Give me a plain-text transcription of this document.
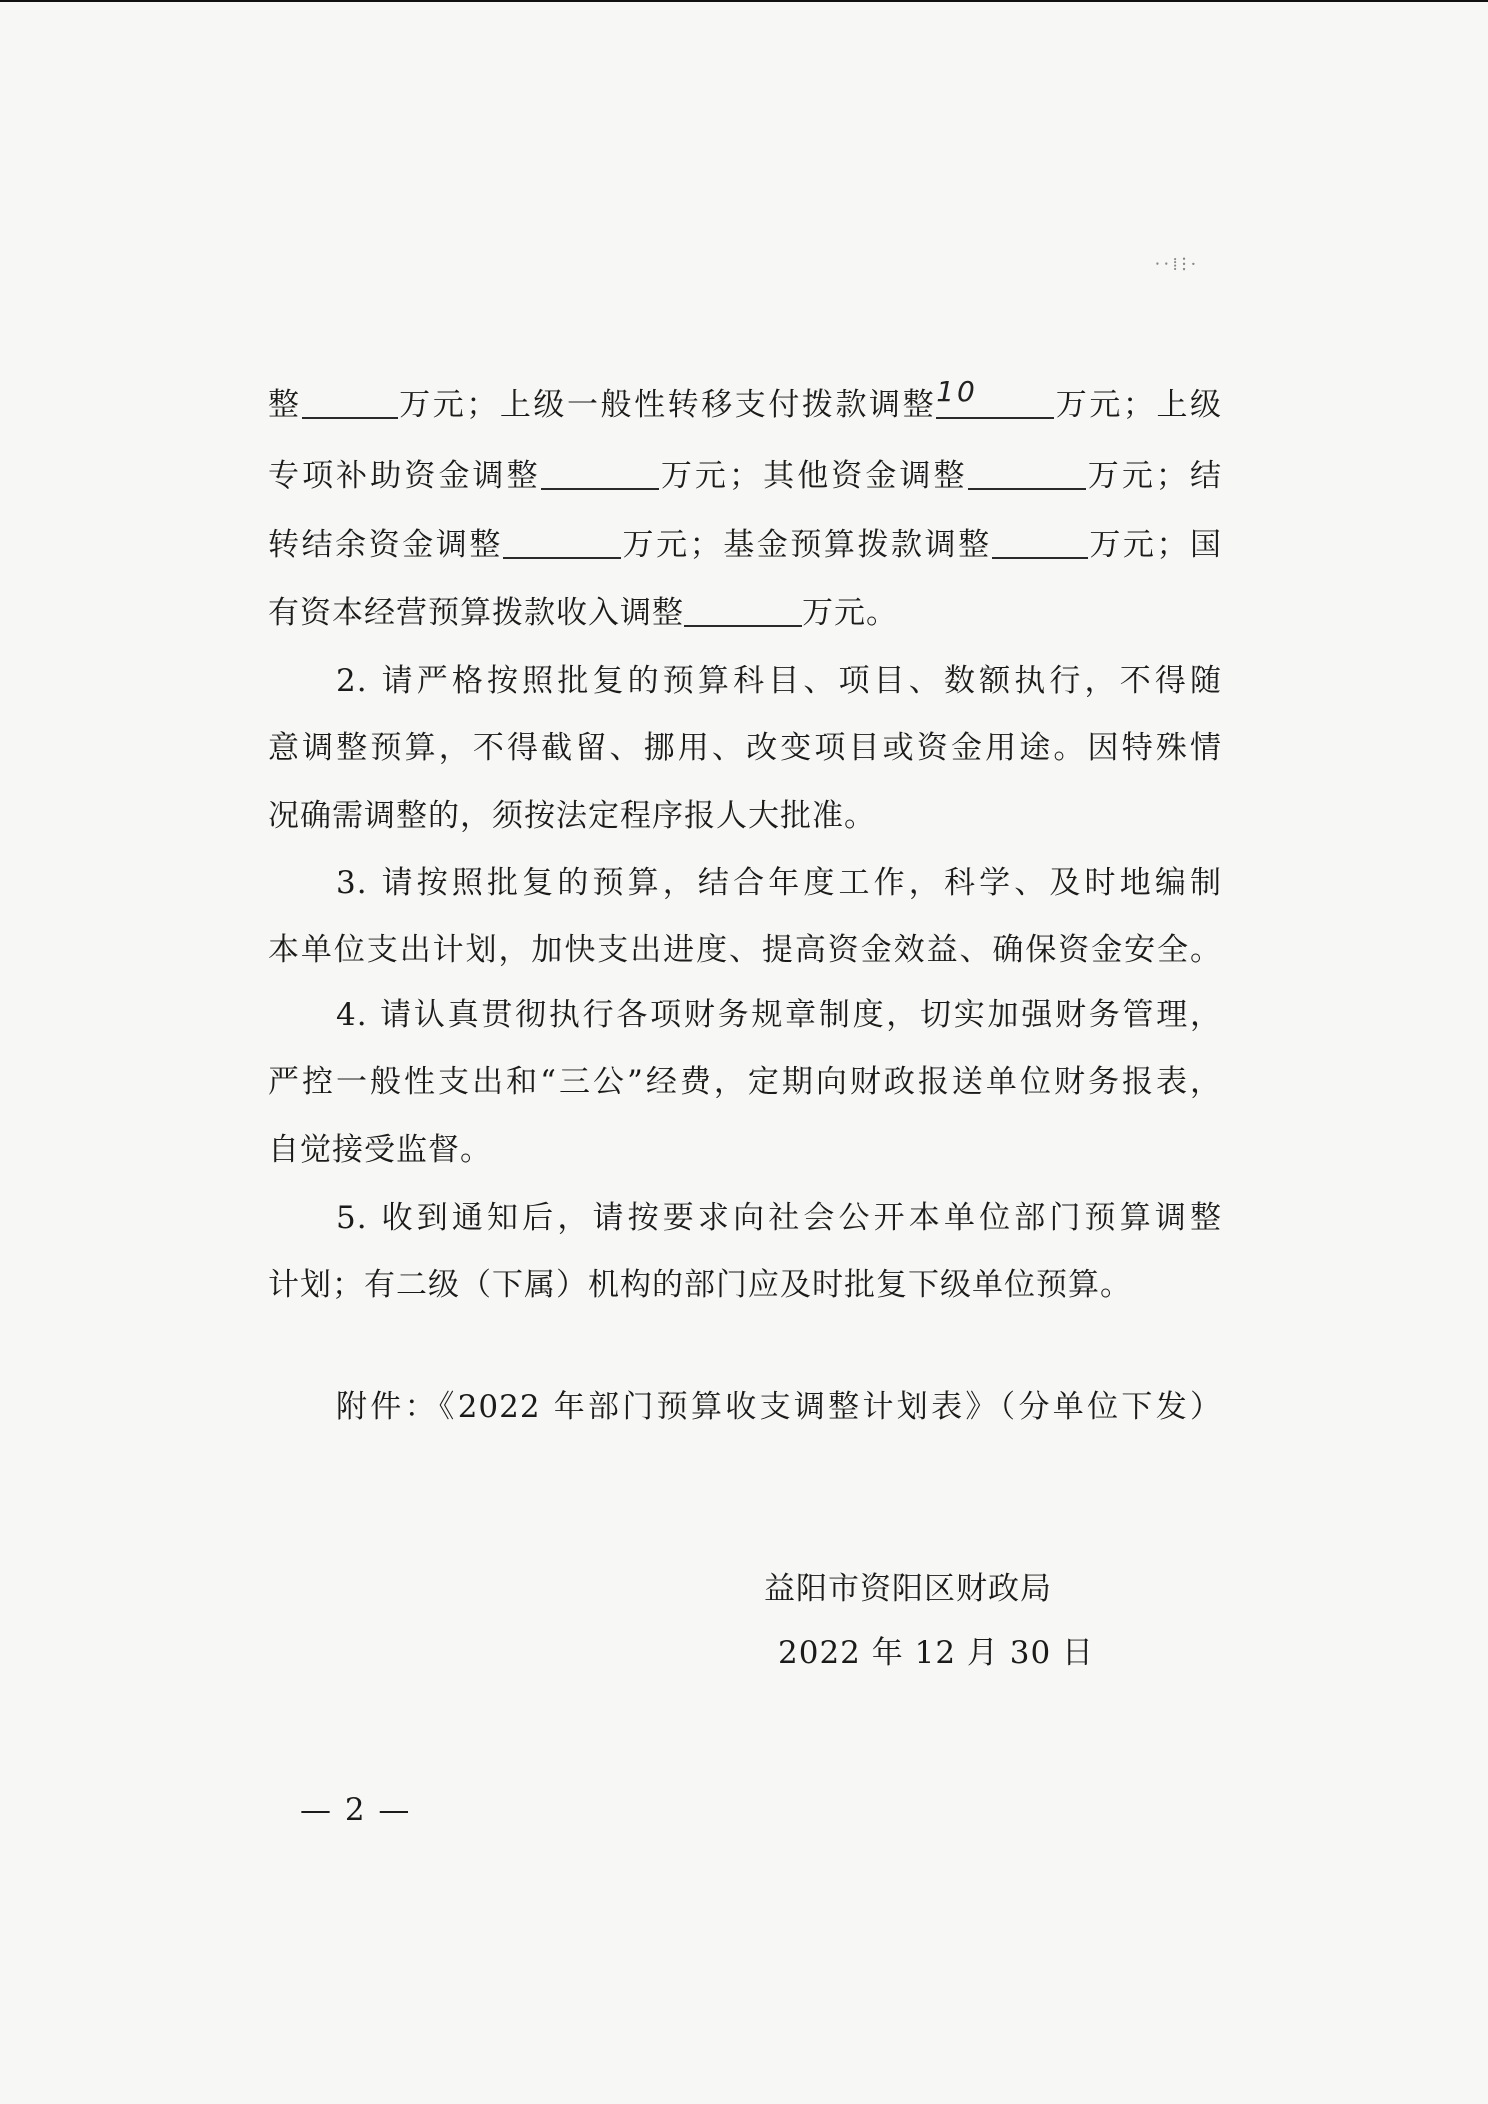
⸱⸱⁞⁝·
整	万元；上级一般性转移支付拨款调整 10	万元；上级
专项补助资金调整	万元；其他资金调整	万元；结
转结余资金调整	万元；基金预算拨款调整	万元；国
有资本经营预算拨款收入调整	万元。
2. 请严格按照批复的预算科目、项目、数额执行，不得随
意调整预算，不得截留、挪用、改变项目或资金用途。因特殊情
况确需调整的，须按法定程序报人大批准。
3. 请按照批复的预算，结合年度工作，科学、及时地编制
本单位支出计划，加快支出进度、提高资金效益、确保资金安全。
4. 请认真贯彻执行各项财务规章制度，切实加强财务管理，
严控一般性支出和“三公”经费，定期向财政报送单位财务报表，
自觉接受监督。
5. 收到通知后，请按要求向社会公开本单位部门预算调整
计划；有二级（下属）机构的部门应及时批复下级单位预算。
附件：《2022 年部门预算收支调整计划表》（分单位下发）
益阳市资阳区财政局
2022 年 12 月 30 日
— 2 —
